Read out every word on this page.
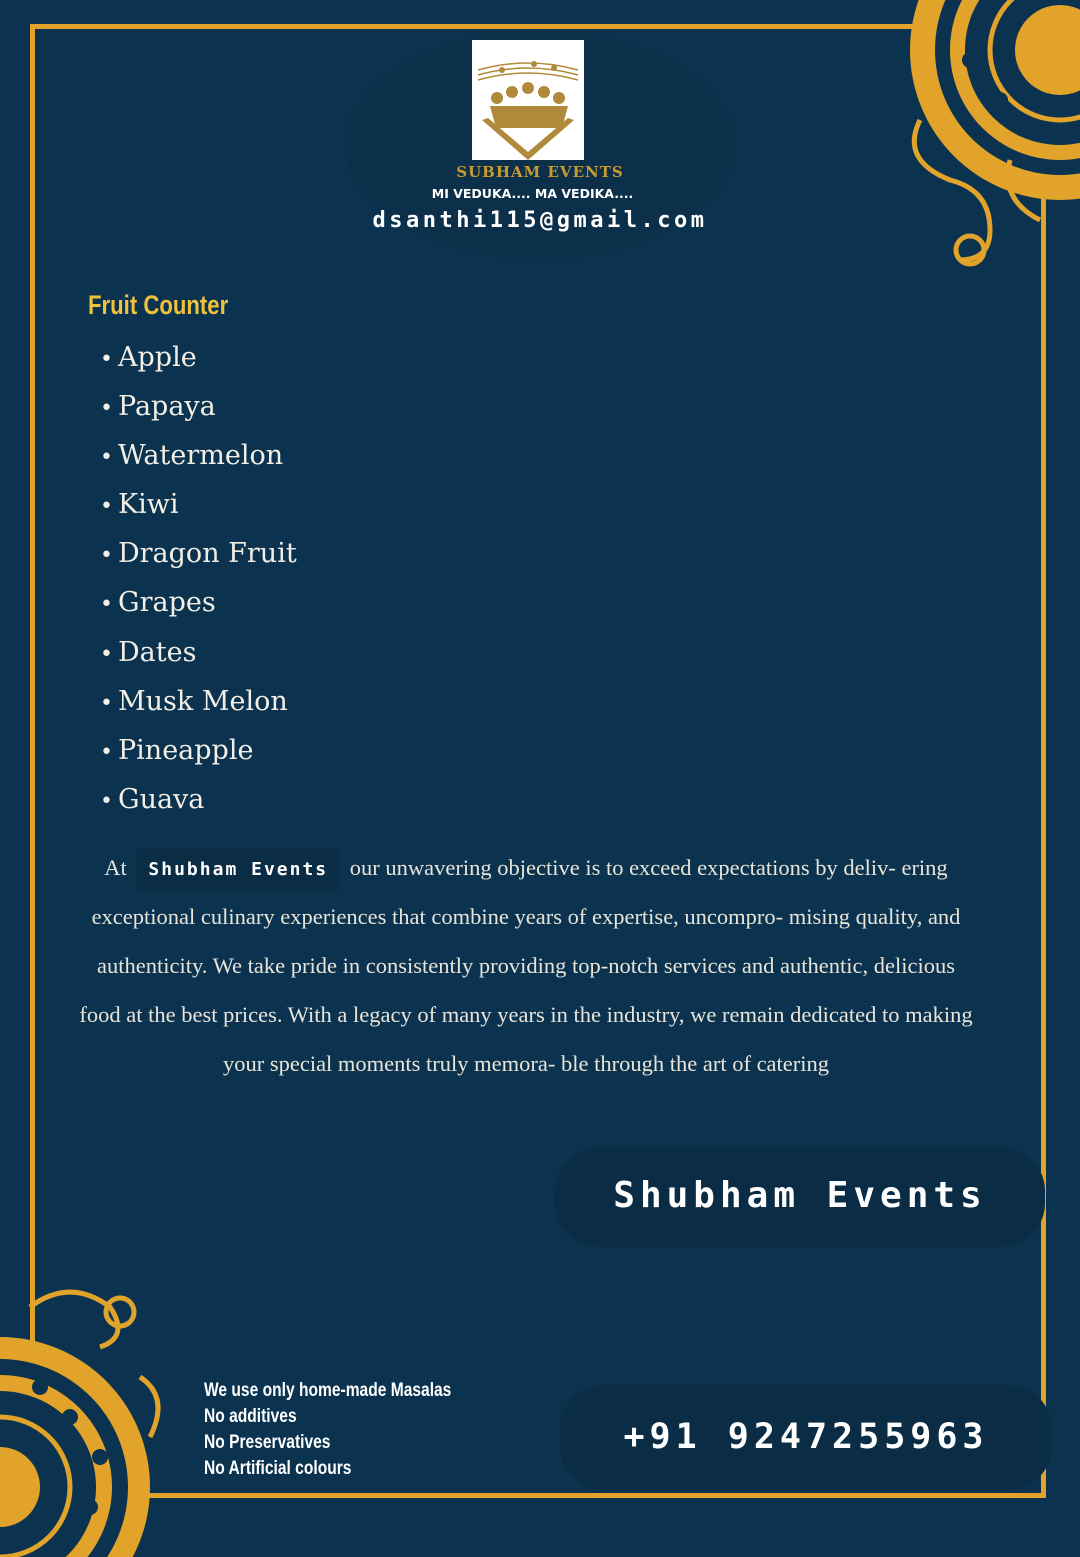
SUBHAM EVENTS
MI VEDUKA.... MA VEDIKA....
dsanthi115@gmail.com
Fruit Counter
• Apple
• Papaya
• Watermelon
• Kiwi
• Dragon Fruit
• Grapes
• Dates
• Musk Melon
• Pineapple
• Guava
At Shubham Events our unwavering objective is to exceed expectations by deliv- ering exceptional culinary experiences that combine years of expertise, uncompro- mising quality, and authenticity. We take pride in consistently providing top-notch services and authentic, delicious food at the best prices. With a legacy of many years in the industry, we remain dedicated to making your special moments truly memora- ble through the art of catering
Shubham Events
We use only home-made Masalas
No additives
No Preservatives
No Artificial colours
+91 9247255963
